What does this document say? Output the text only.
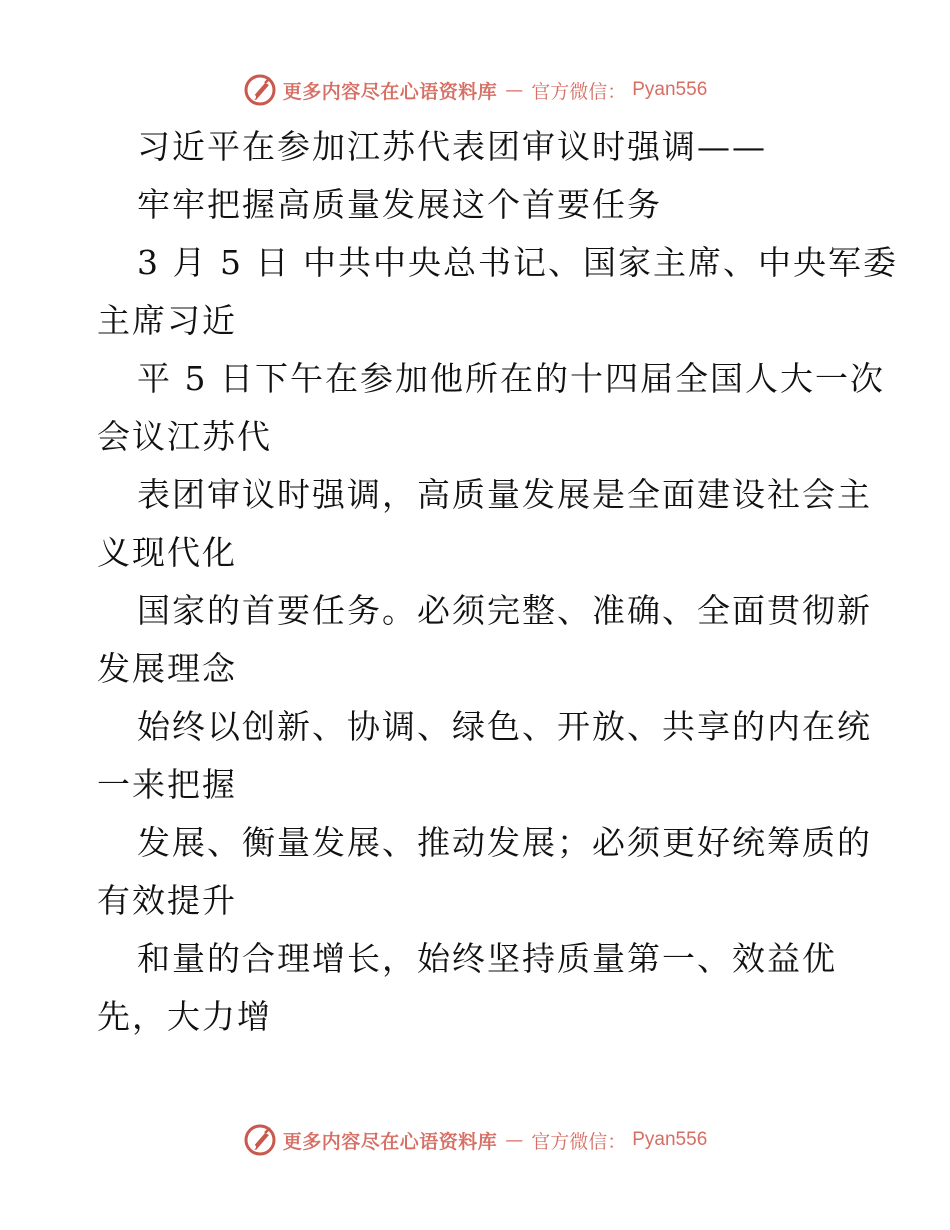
更多内容尽在心语资料库 — 官方微信： Pyan556
习近平在参加江苏代表团审议时强调——
牢牢把握高质量发展这个首要任务
3 月 5 日 中共中央总书记、国家主席、中央军委
主席习近
平 5 日下午在参加他所在的十四届全国人大一次
会议江苏代
表团审议时强调，高质量发展是全面建设社会主
义现代化
国家的首要任务。必须完整、准确、全面贯彻新
发展理念
始终以创新、协调、绿色、开放、共享的内在统
一来把握
发展、衡量发展、推动发展；必须更好统筹质的
有效提升
和量的合理增长，始终坚持质量第一、效益优
先，大力增
更多内容尽在心语资料库 — 官方微信： Pyan556
